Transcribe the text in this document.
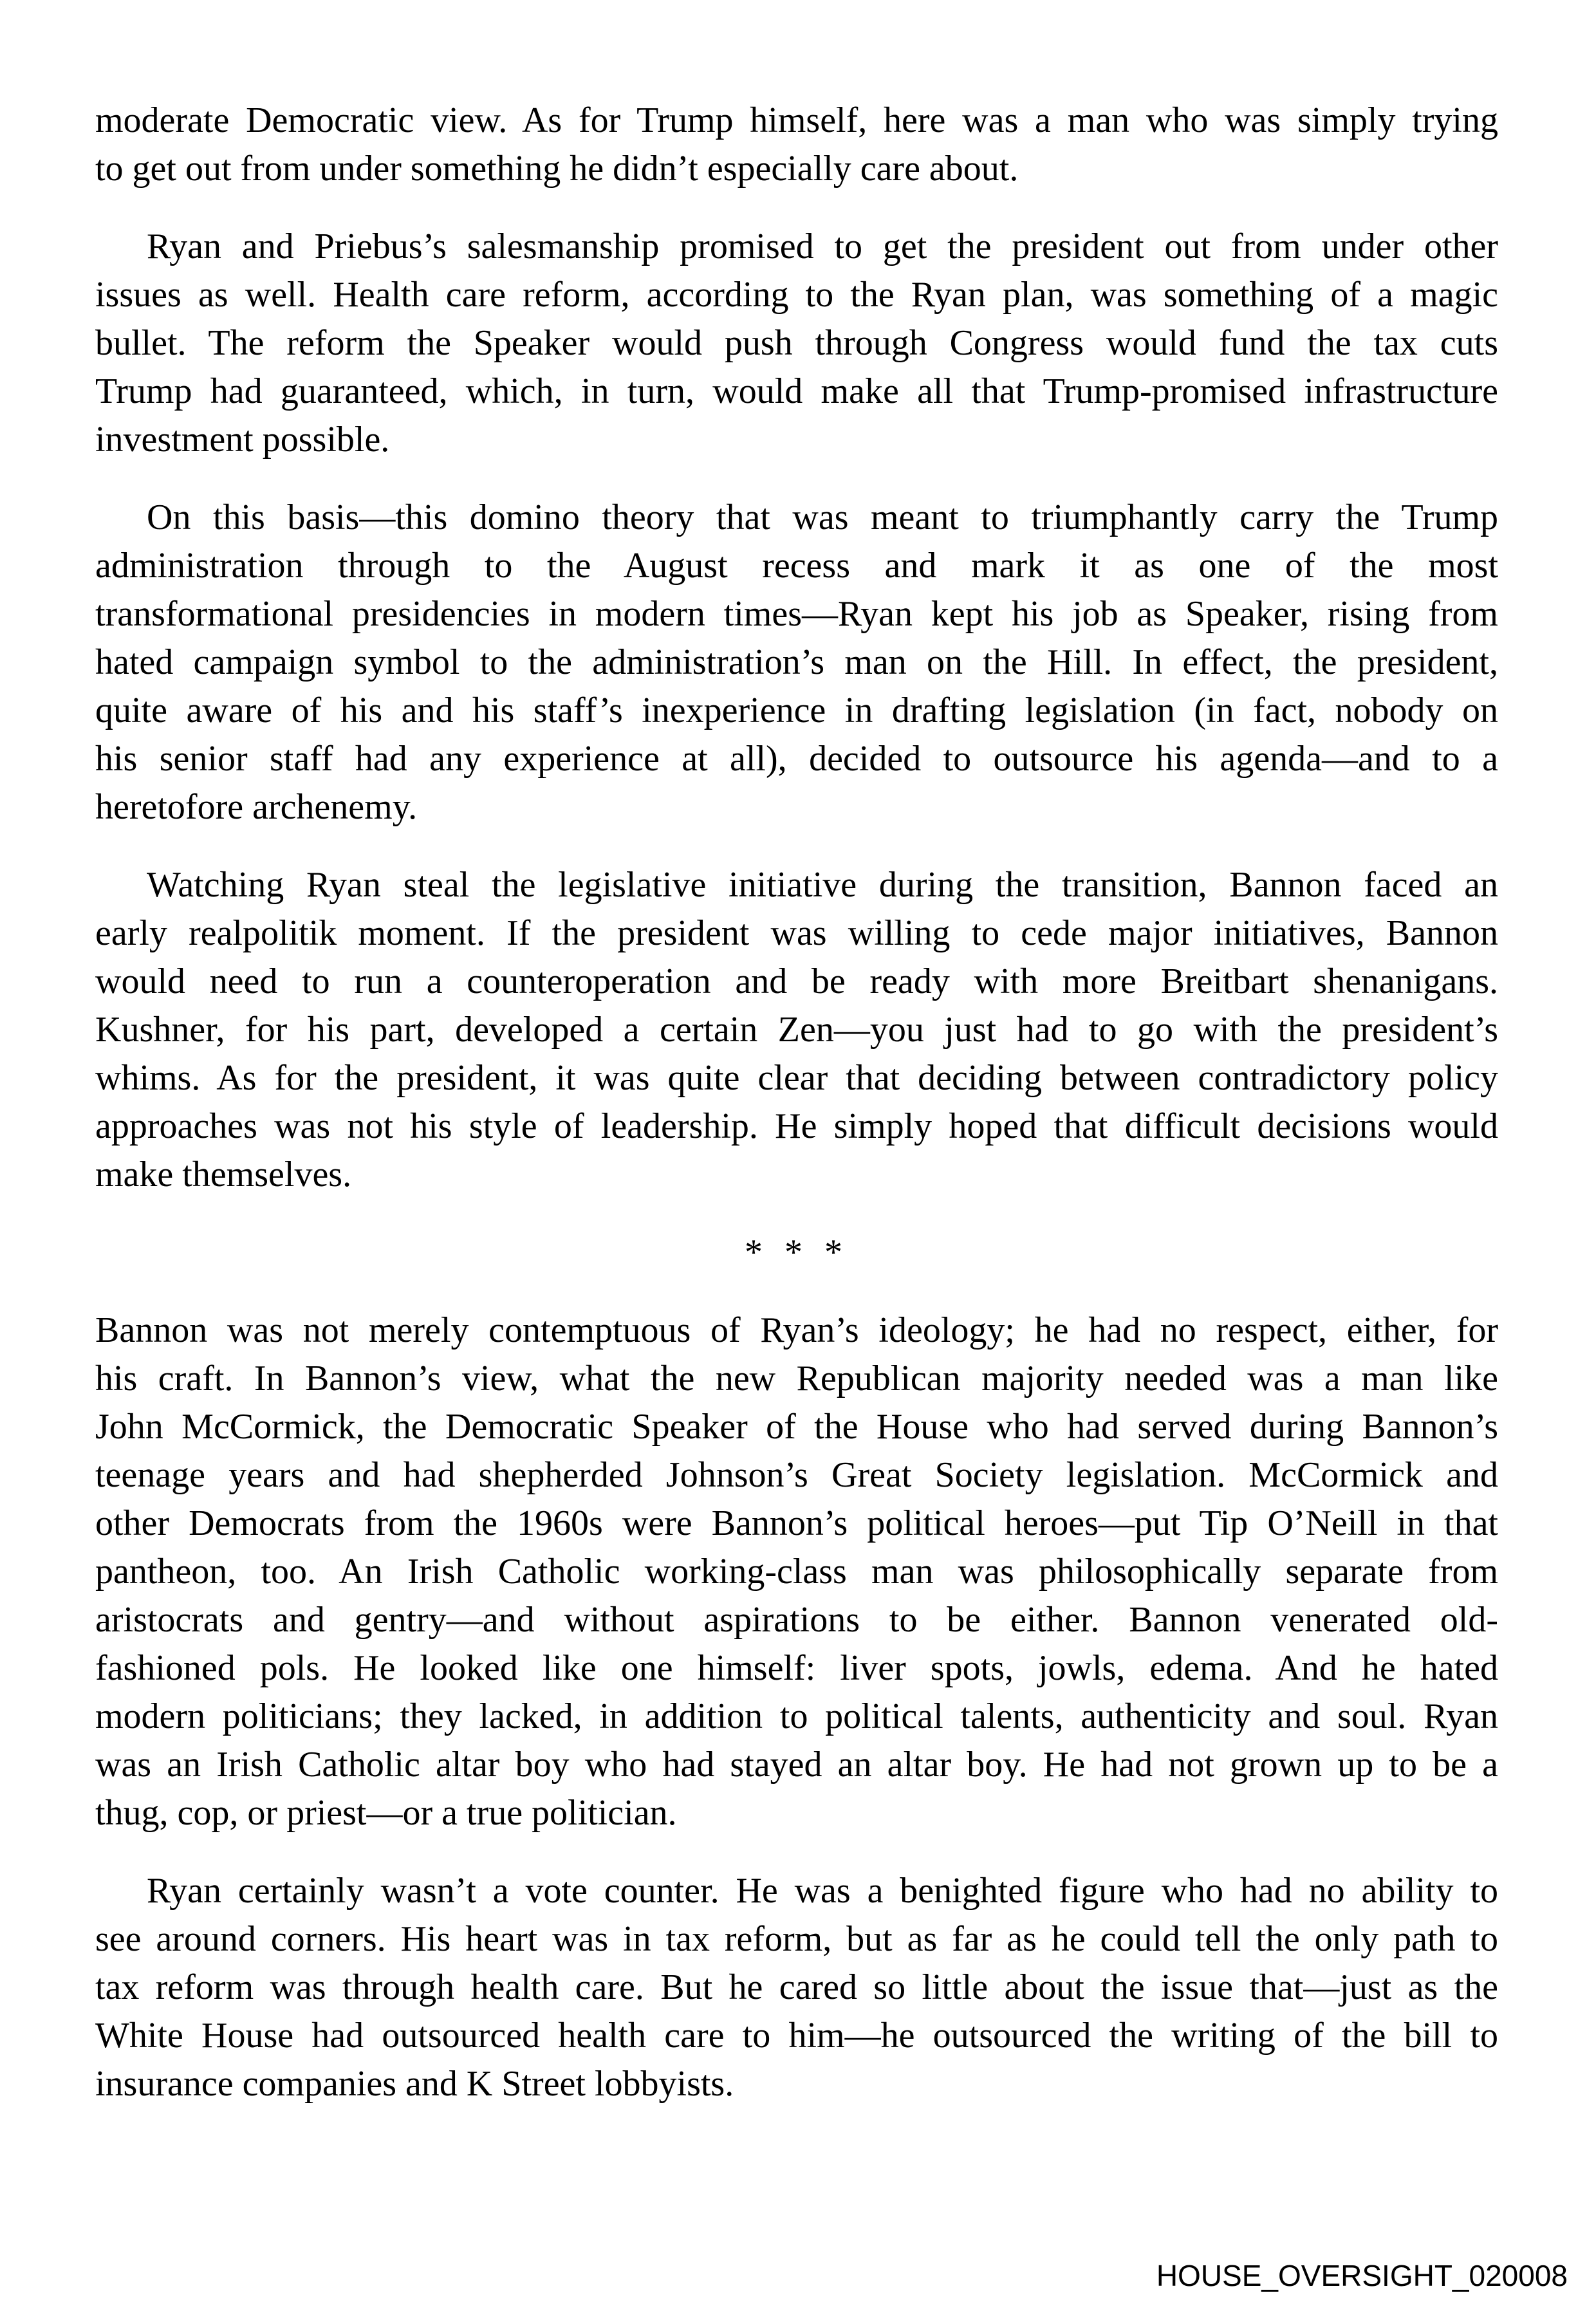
moderate Democratic view. As for Trump himself, here was a man who was simply trying
to get out from under something he didn’t especially care about.

Ryan and Priebus’s salesmanship promised to get the president out from under other
issues as well. Health care reform, according to the Ryan plan, was something of a magic
bullet. The reform the Speaker would push through Congress would fund the tax cuts
Trump had guaranteed, which, in turn, would make all that Trump-promised infrastructure
investment possible.

On this basis—this domino theory that was meant to triumphantly carry the Trump
administration through to the August recess and mark it as one of the most
transformational presidencies in modern times—Ryan kept his job as Speaker, rising from
hated campaign symbol to the administration’s man on the Hill. In effect, the president,
quite aware of his and his staff’s inexperience in drafting legislation (in fact, nobody on
his senior staff had any experience at all), decided to outsource his agenda—and to a
heretofore archenemy.

Watching Ryan steal the legislative initiative during the transition, Bannon faced an
early realpolitik moment. If the president was willing to cede major initiatives, Bannon
would need to run a counteroperation and be ready with more Breitbart shenanigans.
Kushner, for his part, developed a certain Zen—you just had to go with the president’s
whims. As for the president, it was quite clear that deciding between contradictory policy
approaches was not his style of leadership. He simply hoped that difficult decisions would
make themselves.

* * *

Bannon was not merely contemptuous of Ryan’s ideology; he had no respect, either, for
his craft. In Bannon’s view, what the new Republican majority needed was a man like
John McCormick, the Democratic Speaker of the House who had served during Bannon’s
teenage years and had shepherded Johnson’s Great Society legislation. McCormick and
other Democrats from the 1960s were Bannon’s political heroes—put Tip O’Neill in that
pantheon, too. An Irish Catholic working-class man was philosophically separate from
aristocrats and gentry—and without aspirations to be either. Bannon venerated old-
fashioned pols. He looked like one himself: liver spots, jowls, edema. And he hated
modern politicians; they lacked, in addition to political talents, authenticity and soul. Ryan
was an Irish Catholic altar boy who had stayed an altar boy. He had not grown up to be a
thug, cop, or priest—or a true politician.

Ryan certainly wasn’t a vote counter. He was a benighted figure who had no ability to
see around corners. His heart was in tax reform, but as far as he could tell the only path to
tax reform was through health care. But he cared so little about the issue that—just as the
White House had outsourced health care to him—he outsourced the writing of the bill to
insurance companies and K Street lobbyists.

HOUSE_OVERSIGHT_020008
